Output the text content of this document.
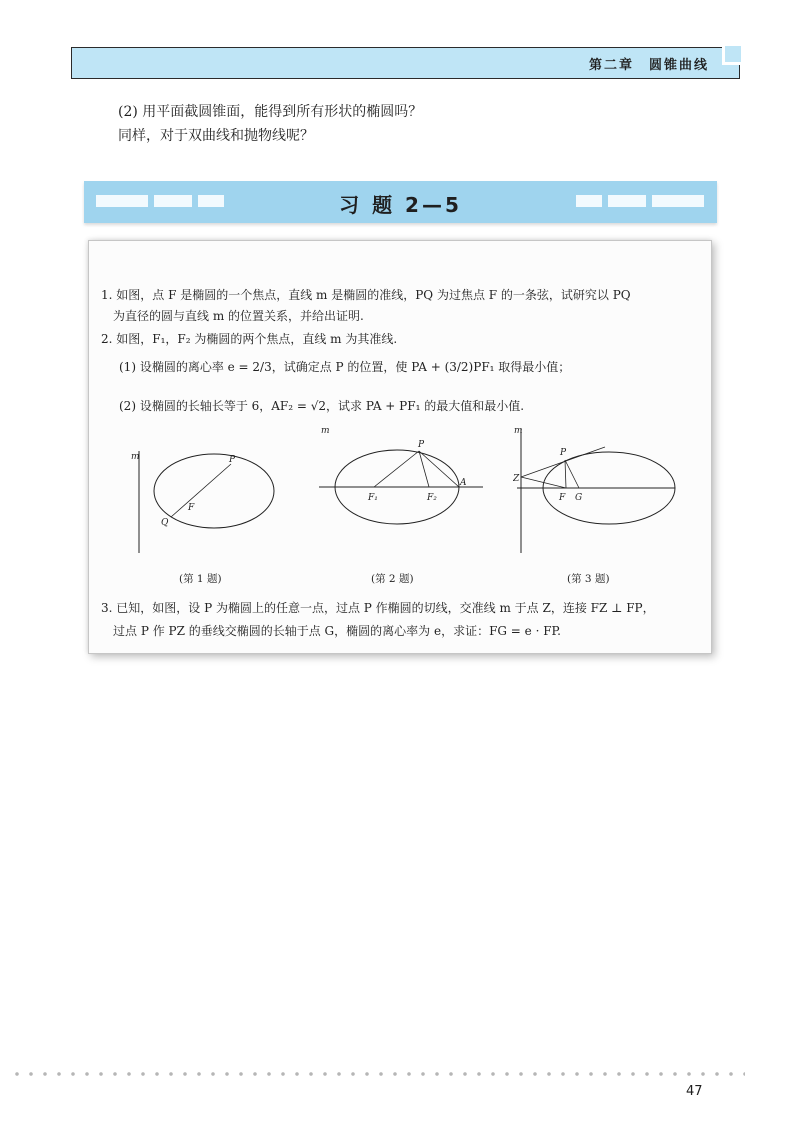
第二章　圆锥曲线
(2) 用平面截圆锥面，能得到所有形状的椭圆吗？
同样，对于双曲线和抛物线呢？
习 题 2—5
1. 如图，点 F 是椭圆的一个焦点，直线 m 是椭圆的准线，PQ 为过焦点 F 的一条弦，试研究以 PQ
为直径的圆与直线 m 的位置关系，并给出证明.
2. 如图，F₁，F₂ 为椭圆的两个焦点，直线 m 为其准线.
(1) 设椭圆的离心率 e = 2/3，试确定点 P 的位置，使 PA + (3/2)PF₁ 取得最小值；
(2) 设椭圆的长轴长等于 6，AF₂ = √2，试求 PA + PF₁ 的最大值和最小值.
m	P
F
Q
(第 1 题)
m
P
F₁	F₂
A
(第 2 题)
m
P
Z
F G
(第 3 题)
3. 已知，如图，设 P 为椭圆上的任意一点，过点 P 作椭圆的切线，交准线 m 于点 Z，连接 FZ ⊥ FP，
过点 P 作 PZ 的垂线交椭圆的长轴于点 G，椭圆的离心率为 e，求证：FG = e · FP.
47
